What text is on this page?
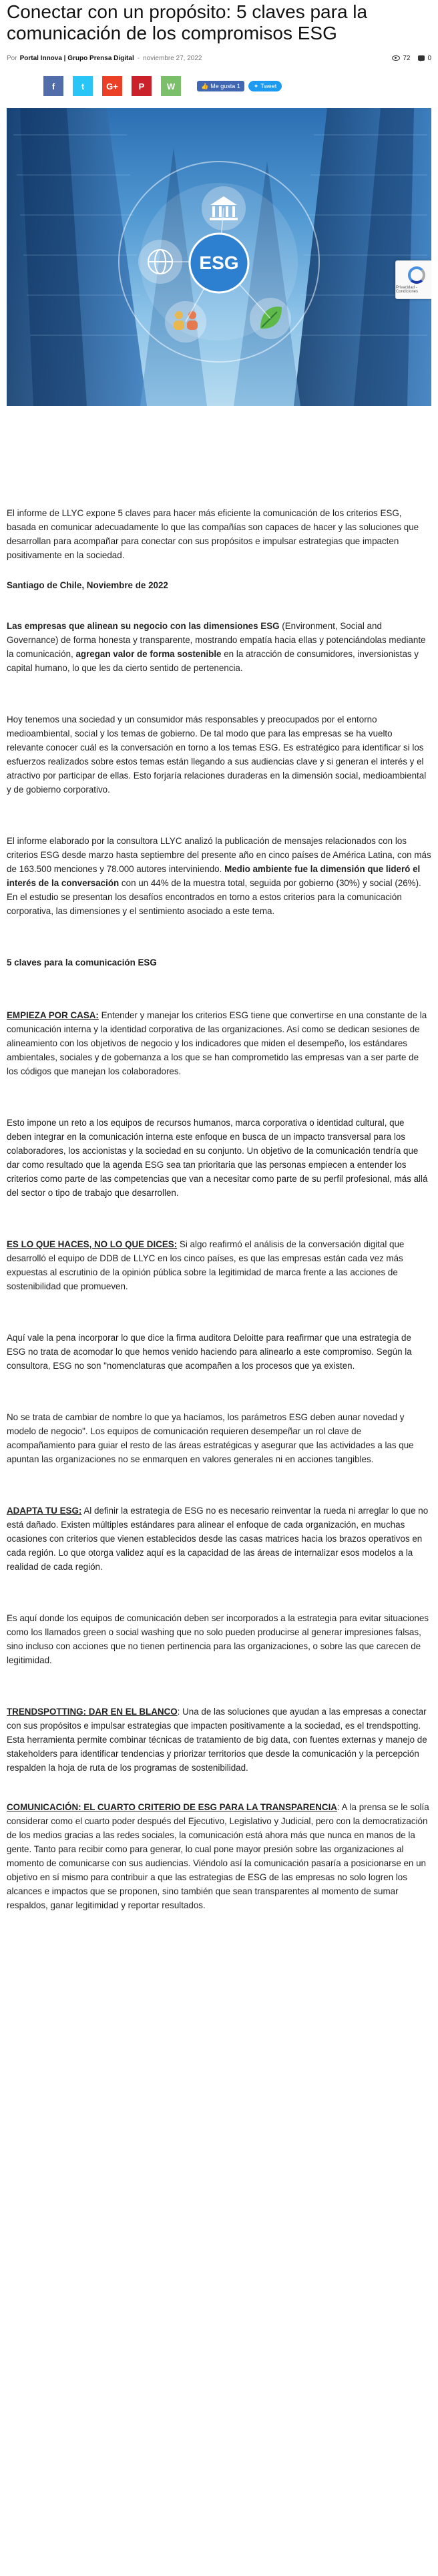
Conectar con un propósito: 5 claves para la comunicación de los compromisos ESG
Por Portal Innova | Grupo Prensa Digital - noviembre 27, 2022	72	0
f	t	G+	P	W	👍 Me gusta 1 ✦ Tweet
ESG
Privacidad - Condiciones

El informe de LLYC expone 5 claves para hacer más eficiente la comunicación de los criterios ESG, basada en comunicar adecuadamente lo que las compañías son capaces de hacer y las soluciones que desarrollan para acompañar para conectar con sus propósitos e impulsar estrategias que impacten positivamente en la sociedad.

Santiago de Chile, Noviembre de 2022

Las empresas que alinean su negocio con las dimensiones ESG (Environment, Social and Governance) de forma honesta y transparente, mostrando empatía hacia ellas y potenciándolas mediante la comunicación, agregan valor de forma sostenible en la atracción de consumidores, inversionistas y capital humano, lo que les da cierto sentido de pertenencia.

Hoy tenemos una sociedad y un consumidor más responsables y preocupados por el entorno medioambiental, social y los temas de gobierno. De tal modo que para las empresas se ha vuelto relevante conocer cuál es la conversación en torno a los temas ESG. Es estratégico para identificar si los esfuerzos realizados sobre estos temas están llegando a sus audiencias clave y si generan el interés y el atractivo por participar de ellas. Esto forjaría relaciones duraderas en la dimensión social, medioambiental y de gobierno corporativo.

El informe elaborado por la consultora LLYC analizó la publicación de mensajes relacionados con los criterios ESG desde marzo hasta septiembre del presente año en cinco países de América Latina, con más de 163.500 menciones y 78.000 autores interviniendo. Medio ambiente fue la dimensión que lideró el interés de la conversación con un 44% de la muestra total, seguida por gobierno (30%) y social (26%). En el estudio se presentan los desafíos encontrados en torno a estos criterios para la comunicación corporativa, las dimensiones y el sentimiento asociado a este tema.

5 claves para la comunicación ESG

EMPIEZA POR CASA: Entender y manejar los criterios ESG tiene que convertirse en una constante de la comunicación interna y la identidad corporativa de las organizaciones. Así como se dedican sesiones de alineamiento con los objetivos de negocio y los indicadores que miden el desempeño, los estándares ambientales, sociales y de gobernanza a los que se han comprometido las empresas van a ser parte de los códigos que manejan los colaboradores.

Esto impone un reto a los equipos de recursos humanos, marca corporativa o identidad cultural, que deben integrar en la comunicación interna este enfoque en busca de un impacto transversal para los colaboradores, los accionistas y la sociedad en su conjunto. Un objetivo de la comunicación tendría que dar como resultado que la agenda ESG sea tan prioritaria que las personas empiecen a entender los criterios como parte de las competencias que van a necesitar como parte de su perfil profesional, más allá del sector o tipo de trabajo que desarrollen.

ES LO QUE HACES, NO LO QUE DICES: Si algo reafirmó el análisis de la conversación digital que desarrolló el equipo de DDB de LLYC en los cinco países, es que las empresas están cada vez más expuestas al escrutinio de la opinión pública sobre la legitimidad de marca frente a las acciones de sostenibilidad que promueven.

Aquí vale la pena incorporar lo que dice la firma auditora Deloitte para reafirmar que una estrategia de ESG no trata de acomodar lo que hemos venido haciendo para alinearlo a este compromiso. Según la consultora, ESG no son "nomenclaturas que acompañen a los procesos que ya existen.

No se trata de cambiar de nombre lo que ya hacíamos, los parámetros ESG deben aunar novedad y modelo de negocio". Los equipos de comunicación requieren desempeñar un rol clave de acompañamiento para guiar el resto de las áreas estratégicas y asegurar que las actividades a las que apuntan las organizaciones no se enmarquen en valores generales ni en acciones tangibles.

ADAPTA TU ESG: Al definir la estrategia de ESG no es necesario reinventar la rueda ni arreglar lo que no está dañado. Existen múltiples estándares para alinear el enfoque de cada organización, en muchas ocasiones con criterios que vienen establecidos desde las casas matrices hacia los brazos operativos en cada región. Lo que otorga validez aquí es la capacidad de las áreas de internalizar esos modelos a la realidad de cada región.

Es aquí donde los equipos de comunicación deben ser incorporados a la estrategia para evitar situaciones como los llamados green o social washing que no solo pueden producirse al generar impresiones falsas, sino incluso con acciones que no tienen pertinencia para las organizaciones, o sobre las que carecen de legitimidad.

TRENDSPOTTING: DAR EN EL BLANCO: Una de las soluciones que ayudan a las empresas a conectar con sus propósitos e impulsar estrategias que impacten positivamente a la sociedad, es el trendspotting. Esta herramienta permite combinar técnicas de tratamiento de big data, con fuentes externas y manejo de stakeholders para identificar tendencias y priorizar territorios que desde la comunicación y la percepción respalden la hoja de ruta de los programas de sostenibilidad.

COMUNICACIÓN: EL CUARTO CRITERIO DE ESG PARA LA TRANSPARENCIA: A la prensa se le solía considerar como el cuarto poder después del Ejecutivo, Legislativo y Judicial, pero con la democratización de los medios gracias a las redes sociales, la comunicación está ahora más que nunca en manos de la gente. Tanto para recibir como para generar, lo cual pone mayor presión sobre las organizaciones al momento de comunicarse con sus audiencias. Viéndolo así la comunicación pasaría a posicionarse en un objetivo en sí mismo para contribuir a que las estrategias de ESG de las empresas no solo logren los alcances e impactos que se proponen, sino también que sean transparentes al momento de sumar respaldos, ganar legitimidad y reportar resultados.
